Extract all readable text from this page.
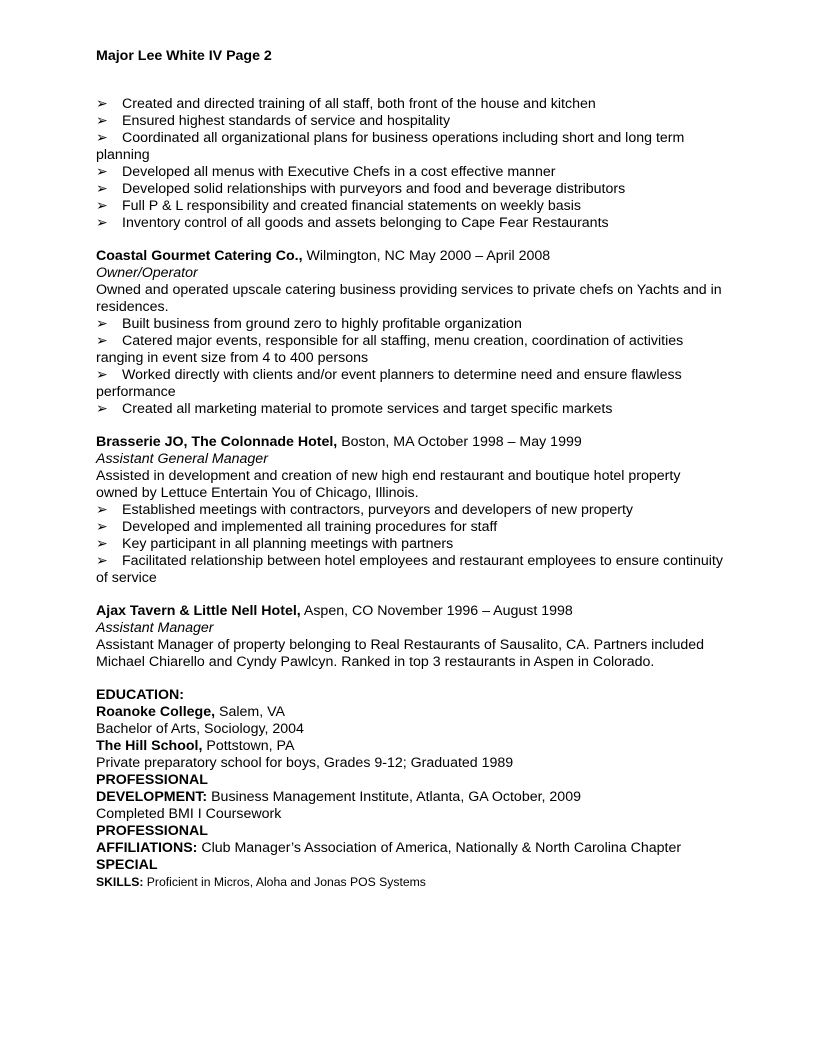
Major Lee White IV Page 2
➢ Created and directed training of all staff, both front of the house and kitchen
➢ Ensured highest standards of service and hospitality
➢ Coordinated all organizational plans for business operations including short and long term planning
➢ Developed all menus with Executive Chefs in a cost effective manner
➢ Developed solid relationships with purveyors and food and beverage distributors
➢ Full P & L responsibility and created financial statements on weekly basis
➢ Inventory control of all goods and assets belonging to Cape Fear Restaurants
Coastal Gourmet Catering Co., Wilmington, NC May 2000 – April 2008
Owner/Operator
Owned and operated upscale catering business providing services to private chefs on Yachts and in residences.
➢ Built business from ground zero to highly profitable organization
➢ Catered major events, responsible for all staffing, menu creation, coordination of activities ranging in event size from 4 to 400 persons
➢ Worked directly with clients and/or event planners to determine need and ensure flawless performance
➢ Created all marketing material to promote services and target specific markets
Brasserie JO, The Colonnade Hotel, Boston, MA October 1998 – May 1999
Assistant General Manager
Assisted in development and creation of new high end restaurant and boutique hotel property owned by Lettuce Entertain You of Chicago, Illinois.
➢ Established meetings with contractors, purveyors and developers of new property
➢ Developed and implemented all training procedures for staff
➢ Key participant in all planning meetings with partners
➢ Facilitated relationship between hotel employees and restaurant employees to ensure continuity of service
Ajax Tavern & Little Nell Hotel, Aspen, CO November 1996 – August 1998
Assistant Manager
Assistant Manager of property belonging to Real Restaurants of Sausalito, CA. Partners included Michael Chiarello and Cyndy Pawlcyn. Ranked in top 3 restaurants in Aspen in Colorado.
EDUCATION:
Roanoke College, Salem, VA
Bachelor of Arts, Sociology, 2004
The Hill School, Pottstown, PA
Private preparatory school for boys, Grades 9-12; Graduated 1989
PROFESSIONAL
DEVELOPMENT: Business Management Institute, Atlanta, GA October, 2009
Completed BMI I Coursework
PROFESSIONAL
AFFILIATIONS: Club Manager’s Association of America, Nationally & North Carolina Chapter
SPECIAL
SKILLS: Proficient in Micros, Aloha and Jonas POS Systems
